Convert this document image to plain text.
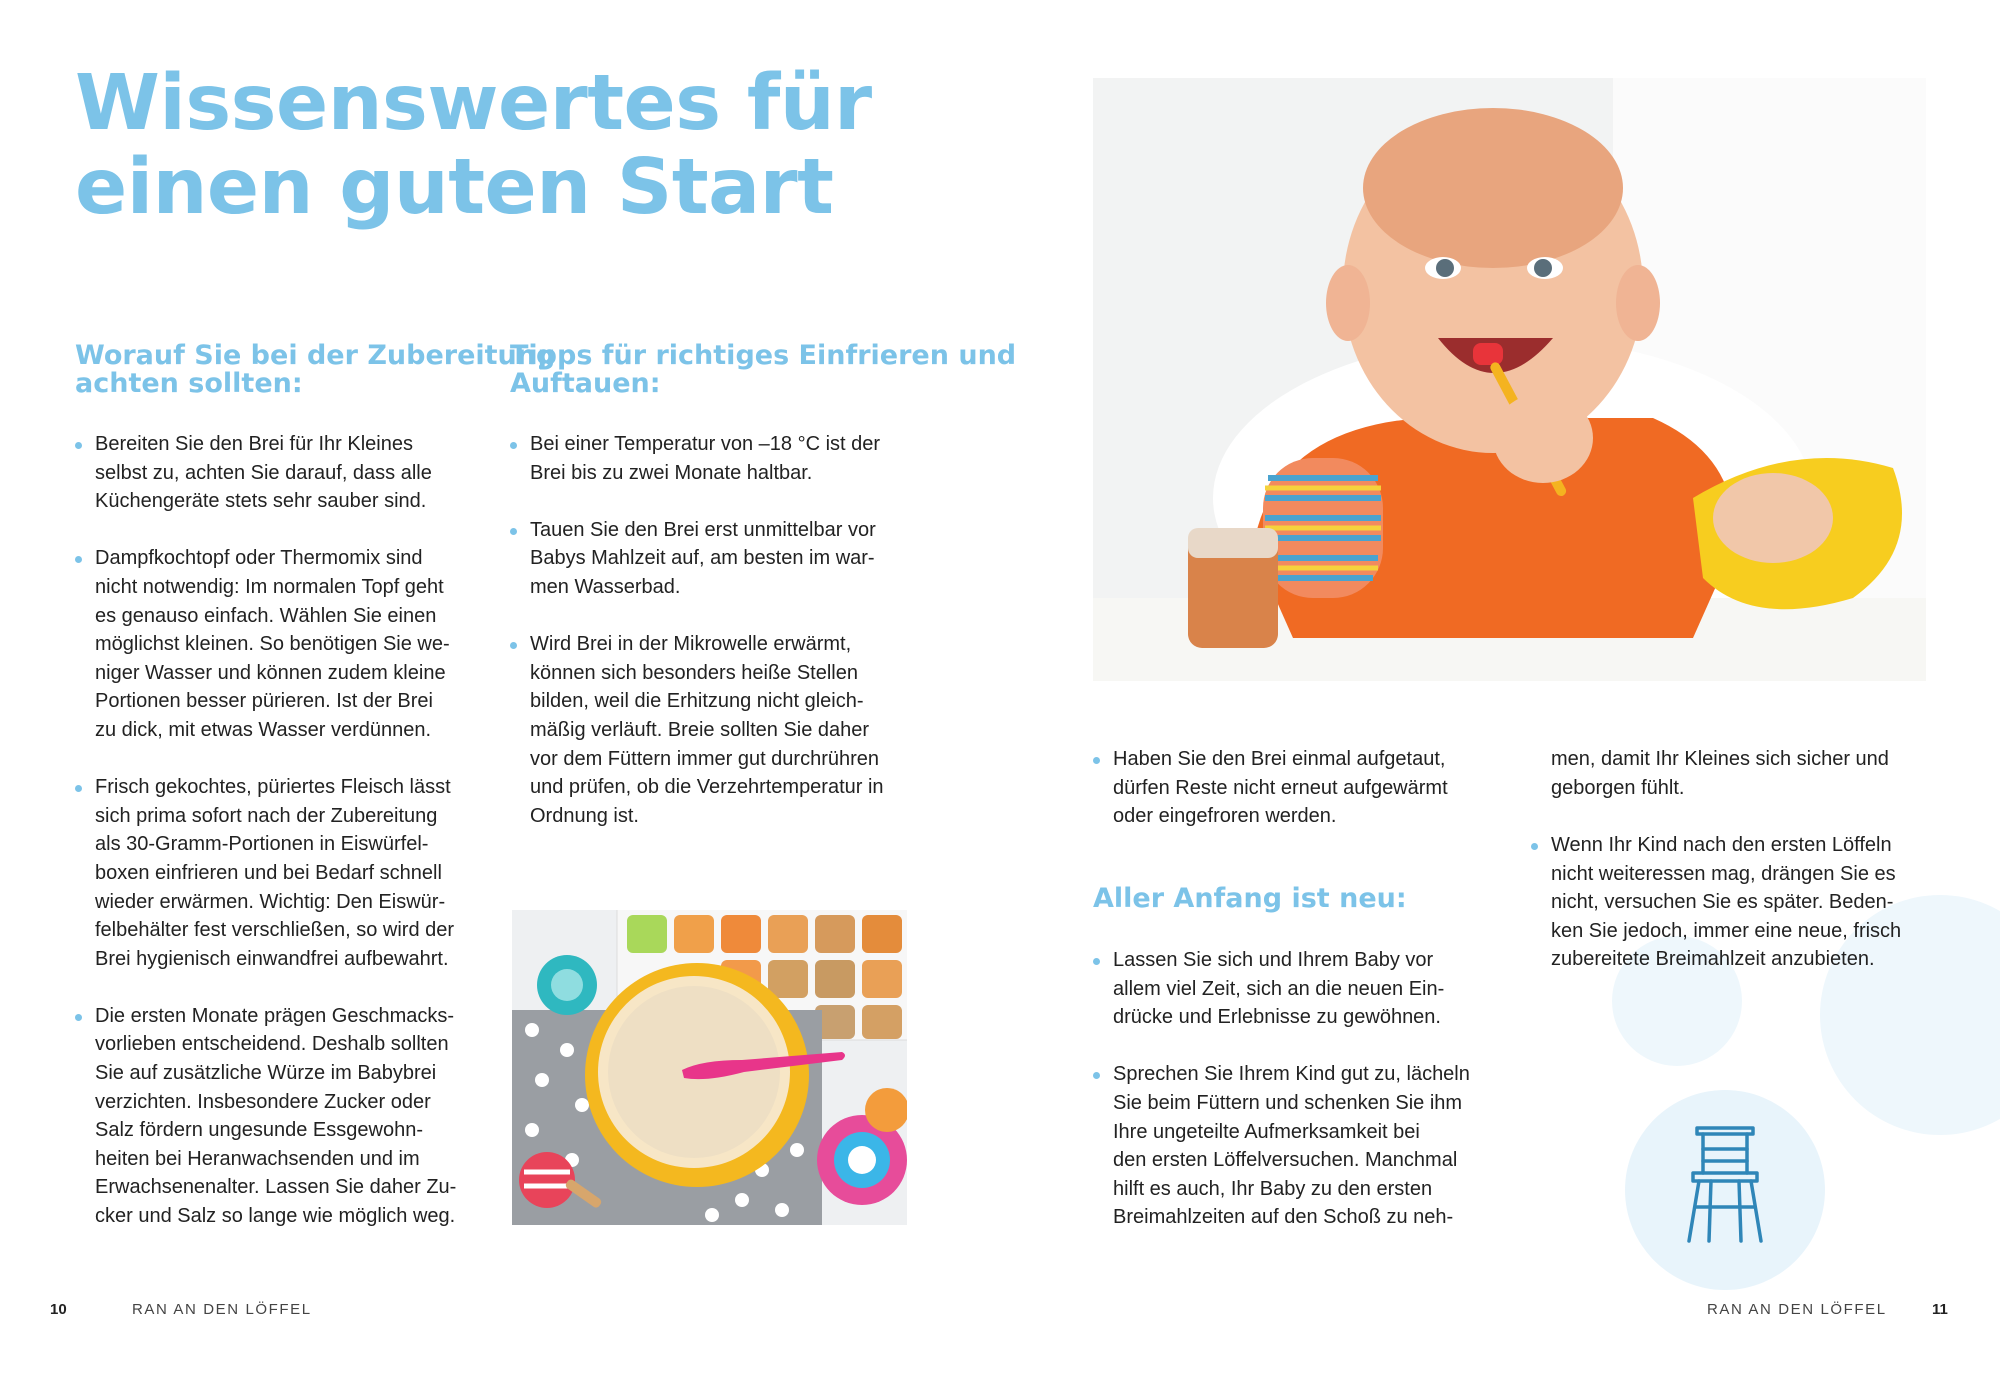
Wissenswertes für
einen guten Start
Worauf Sie bei der Zubereitung
achten sollten:
Bereiten Sie den Brei für Ihr Kleines
selbst zu, achten Sie darauf, dass alle
Küchengeräte stets sehr sauber sind.
Dampfkochtopf oder Thermomix sind
nicht notwendig: Im normalen Topf geht
es genauso einfach. Wählen Sie einen
möglichst kleinen. So benötigen Sie we-
niger Wasser und können zudem kleine
Portionen besser pürieren. Ist der Brei
zu dick, mit etwas Wasser verdünnen.
Frisch gekochtes, püriertes Fleisch lässt
sich prima sofort nach der Zubereitung
als 30-Gramm-Portionen in Eiswürfel-
boxen einfrieren und bei Bedarf schnell
wieder erwärmen. Wichtig: Den Eiswür-
felbehälter fest verschließen, so wird der
Brei hygienisch einwandfrei aufbewahrt.
Die ersten Monate prägen Geschmacks-
vorlieben entscheidend. Deshalb sollten
Sie auf zusätzliche Würze im Babybrei
verzichten. Insbesondere Zucker oder
Salz fördern ungesunde Essgewohn-
heiten bei Heranwachsenden und im
Erwachsenenalter. Lassen Sie daher Zu-
cker und Salz so lange wie möglich weg.
Tipps für richtiges Einfrieren und
Auftauen:
Bei einer Temperatur von –18 °C ist der
Brei bis zu zwei Monate haltbar.
Tauen Sie den Brei erst unmittelbar vor
Babys Mahlzeit auf, am besten im war-
men Wasserbad.
Wird Brei in der Mikrowelle erwärmt,
können sich besonders heiße Stellen
bilden, weil die Erhitzung nicht gleich-
mäßig verläuft. Breie sollten Sie daher
vor dem Füttern immer gut durchrühren
und prüfen, ob die Verzehrtemperatur in
Ordnung ist.
10	RAN AN DEN LÖFFEL
Haben Sie den Brei einmal aufgetaut,
dürfen Reste nicht erneut aufgewärmt
oder eingefroren werden.
Aller Anfang ist neu:
Lassen Sie sich und Ihrem Baby vor
allem viel Zeit, sich an die neuen Ein-
drücke und Erlebnisse zu gewöhnen.
Sprechen Sie Ihrem Kind gut zu, lächeln
Sie beim Füttern und schenken Sie ihm
Ihre ungeteilte Aufmerksamkeit bei
den ersten Löffelversuchen. Manchmal
hilft es auch, Ihr Baby zu den ersten
Breimahlzeiten auf den Schoß zu neh-
men, damit Ihr Kleines sich sicher und
geborgen fühlt.
Wenn Ihr Kind nach den ersten Löffeln
nicht weiteressen mag, drängen Sie es
nicht, versuchen Sie es später. Beden-
ken Sie jedoch, immer eine neue, frisch
zubereitete Breimahlzeit anzubieten.
RAN AN DEN LÖFFEL	11
